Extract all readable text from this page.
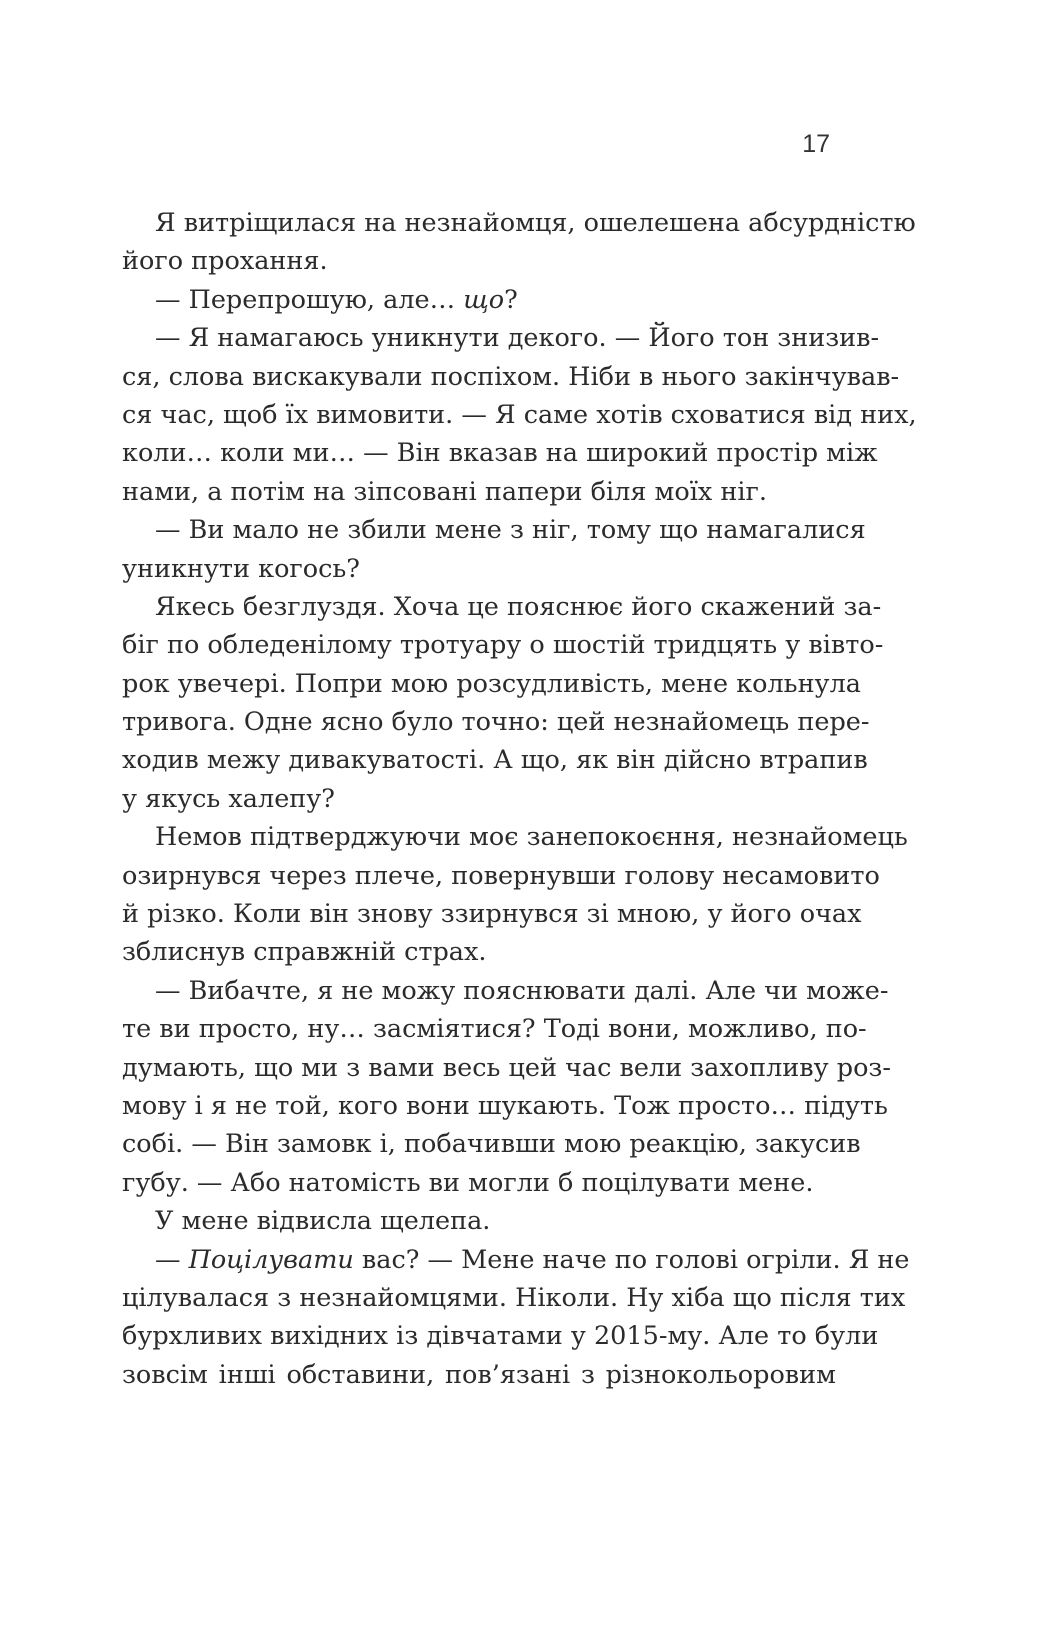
17
Я витріщилася на незнайомця, ошелешена абсурдністю
його прохання.
— Перепрошую, але… що?
— Я намагаюсь уникнути декого. — Його тон знизив-
ся, слова вискакували поспіхом. Ніби в нього закінчував-
ся час, щоб їх вимовити. — Я саме хотів сховатися від них,
коли… коли ми… — Він вказав на широкий простір між
нами, а потім на зіпсовані папери біля моїх ніг.
— Ви мало не збили мене з ніг, тому що намагалися
уникнути когось?
Якесь безглуздя. Хоча це пояснює його скажений за-
біг по обледенілому тротуару о шостій тридцять у вівто-
рок увечері. Попри мою розсудливість, мене кольнула
тривога. Одне ясно було точно: цей незнайомець пере-
ходив межу дивакуватості. А що, як він дійсно втрапив
у якусь халепу?
Немов підтверджуючи моє занепокоєння, незнайомець
озирнувся через плече, повернувши голову несамовито
й різко. Коли він знову ззирнувся зі мною, у його очах
зблиснув справжній страх.
— Вибачте, я не можу пояснювати далі. Але чи може-
те ви просто, ну… засміятися? Тоді вони, можливо, по-
думають, що ми з вами весь цей час вели захопливу роз-
мову і я не той, кого вони шукають. Тож просто… підуть
собі. — Він замовк і, побачивши мою реакцію, закусив
губу. — Або натомість ви могли б поцілувати мене.
У мене відвисла щелепа.
— Поцілувати вас? — Мене наче по голові огріли. Я не
цілувалася з незнайомцями. Ніколи. Ну хіба що після тих
бурхливих вихідних із дівчатами у 2015-му. Але то були
зовсім інші обставини, пов’язані з різнокольоровим
